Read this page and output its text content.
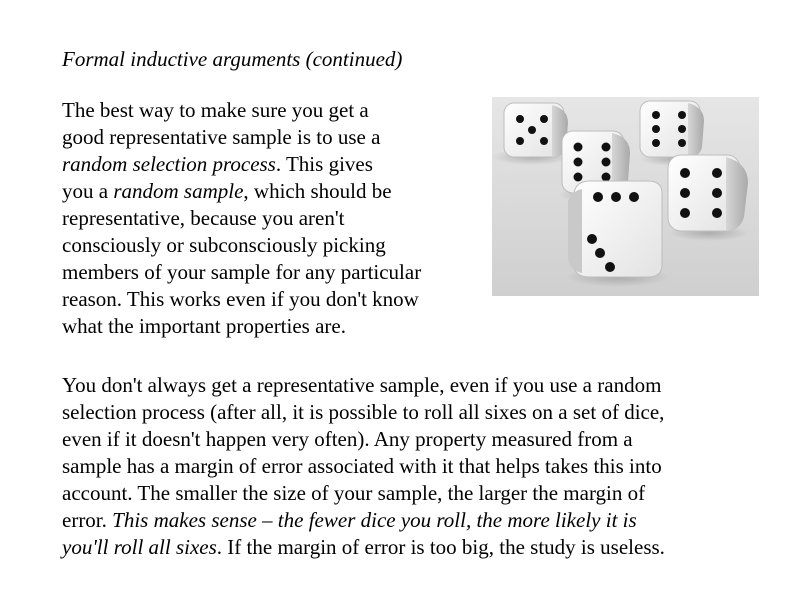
Formal inductive arguments (continued)
The best way to make sure you get a
good representative sample is to use a
random selection process. This gives
you a random sample, which should be
representative, because you aren't
consciously or subconsciously picking
members of your sample for any particular
reason. This works even if you don't know
what the important properties are.
You don't always get a representative sample, even if you use a random
selection process (after all, it is possible to roll all sixes on a set of dice,
even if it doesn't happen very often). Any property measured from a
sample has a margin of error associated with it that helps takes this into
account. The smaller the size of your sample, the larger the margin of
error. This makes sense – the fewer dice you roll, the more likely it is
you'll roll all sixes. If the margin of error is too big, the study is useless.
